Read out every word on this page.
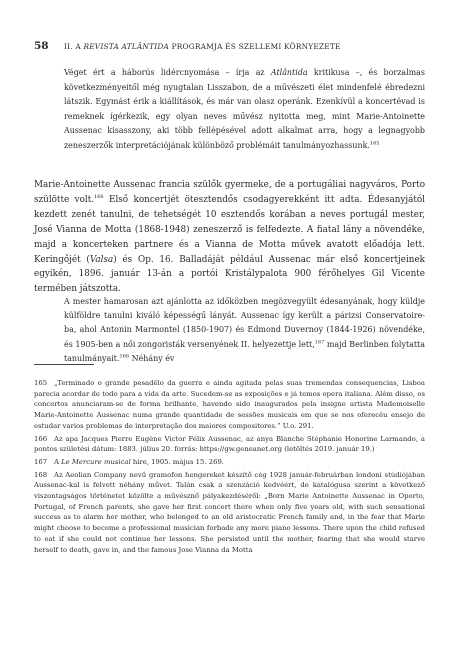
58	II. A REVISTA ATLÂNTIDA PROGRAMJA ÉS SZELLEMI KÖRNYEZETE
Véget ért a háborús lidércnyomása – írja az Atlântida kritikusa –, és borzalmas következményeitől még nyugtalan Lisszabon, de a művészeti élet mindenfelé ébredezni látszik. Egymást érik a kiállítások, és már van olasz operánk. Ezenkívül a koncertévad is remeknek ígérkezik, egy olyan neves művész nyitotta meg, mint Marie-Antoinette Aussenac kisasszony, aki több fellépésével adott alkalmat arra, hogy a legnagyobb zeneszerzők interpretációjának különböző problémáit tanulmányozhassunk.$^{165}$
Marie-Antoinette Aussenac francia szülők gyermeke, de a portugáliai nagyváros, Porto szülötte volt.$^{166}$ Első koncertjét ötesztendős csodagyerekként itt adta. Édesanyjától kezdett zenét tanulni, de tehetségét 10 esztendős korában a neves portugál mester, José Vianna de Motta (1868-1948) zeneszerző is felfedezte. A fiatal lány a növendéke, majd a koncerteken partnere és a Vianna de Motta művek avatott előadója lett. Keringőjét (Valsa) és Op. 16. Balladáját például Aussenac már első koncertjeinek egyikén, 1896. január 13-án a portói Kristálypalota 900 férőhelyes Gil Vicente termében játszotta.
A mester hamarosan azt ajánlotta az időközben megözvegyült édesanyának, hogy küldje külföldre tanulni kiváló képességű lányát. Aussenac így került a párizsi Conservatoire-ba, ahol Antonin Marmontel (1850-1907) és Edmond Duvernoy (1844-1926) növendéke, és 1905-ben a női zongoristák versenyének II. helyezettje lett,$^{167}$ majd Berlinben folytatta tanulmányait.$^{168}$ Néhány év
165 „Terminado o grande pesadêlo da guerra e ainda agitada pelas suas tremendas consequencias, Lisboa parecia acordar de todo para a vida da arte. Sucedem-se as exposições e já temos opera italiana. Além disso, os concertos anunciaram-se de forma brilhante, havendo sido inaugurados pela insigne artista Mademoiselle Marie-Antoinette Aussenac numa grande quantidade de sessões musicais em que se nos oferecêu ensejo de estudar varios problemas de interpretação dos maiores compositores.” U.o. 291.
166 Az apa Jacques Pierre Eugène Victor Félix Aussenac, az anya Blanche Stéphanie Honorine Larmando, a pontos születési dátum: 1883. július 20. forrás: https://gw.geneanet.org (letöltés 2019. január 19.)
167 A Le Mercure musical hire, 1905. május 15. 269.
168 Az Aeolian Company nevű gramofon hengereket készítő cég 1928 január-februárban londoni stúdiójában Aussenac-kal is felvett néhány művet. Talán csak a szenzáció kedvéért, de katalógusa szerint a következő viszontagságos történetet közölte a művésznő pályakezdéséről: „Born Marie Antoinette Aussenac in Oporto, Portugal, of French parents, she gave her first concert there when only five years old, with such sensational success as to alarm her mother, who belonged to an old aristocratic French family and, in the fear that Marie might choose to become a professional musician forbade any more piano lessons. There upon the child refused to eat if she could not continue her lessons. She persisted until the mother, fearing that she would starve herself to death, gave in, and the famous Jose Vianna da Motta
